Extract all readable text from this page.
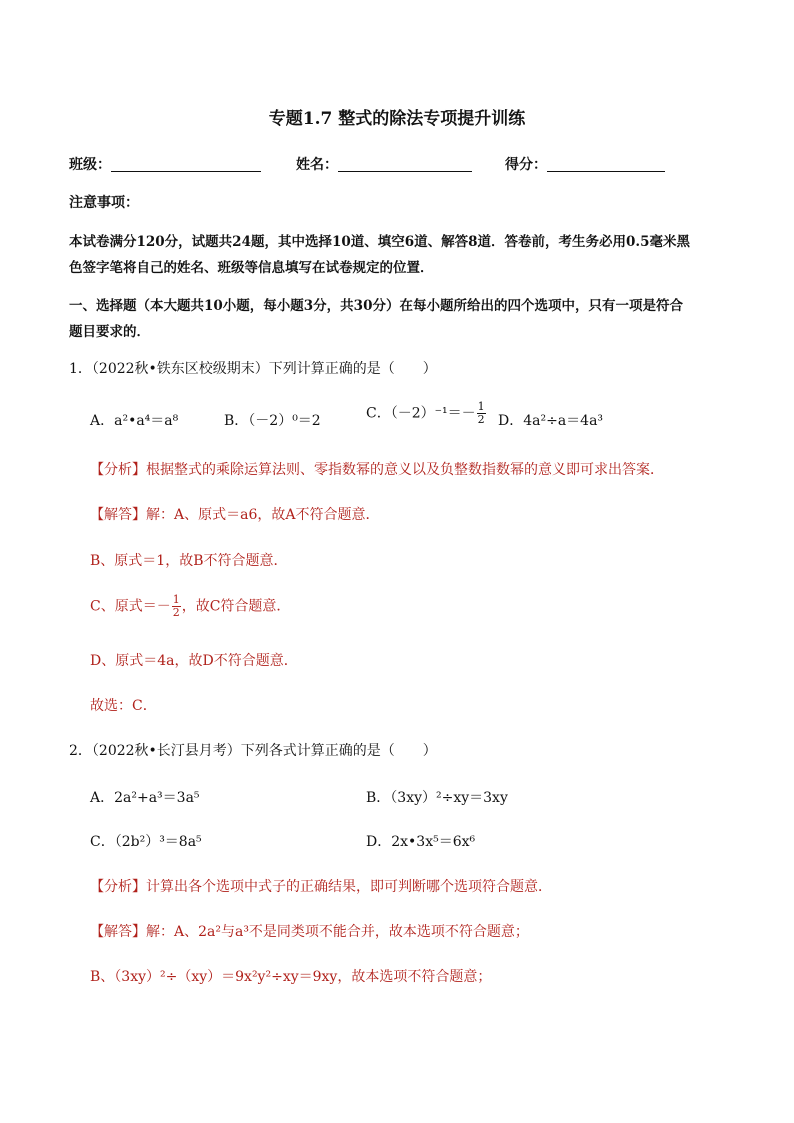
专题1.7 整式的除法专项提升训练
班级：	姓名：	得分：
注意事项：
本试卷满分120分，试题共24题，其中选择10道、填空6道、解答8道．答卷前，考生务必用0.5毫米黑
色签字笔将自己的姓名、班级等信息填写在试卷规定的位置．
一、选择题（本大题共10小题，每小题3分，共30分）在每小题所给出的四个选项中，只有一项是符合
题目要求的．
1．（2022秋•铁东区校级期末）下列计算正确的是（　　）
A．a²•a⁴＝a⁸	B．（－2）⁰＝2	C．$(-2)^{-1}=- \frac{1}{2}$ D．4a²÷a＝4a³
【分析】根据整式的乘除运算法则、零指数幂的意义以及负整数指数幂的意义即可求出答案．
【解答】解：A、原式＝a6，故A不符合题意．
B、原式＝1，故B不符合题意．
C、原式＝－ $\frac{1}{2}$ ，故C符合题意．
D、原式＝4a，故D不符合题意．
故选：C．
2．（2022秋•长汀县月考）下列各式计算正确的是（　　）
A．2a²+a³＝3a⁵	B．（3xy）²÷xy＝3xy
C．（2b²）³＝8a⁵	D．2x•3x⁵＝6x⁶
【分析】计算出各个选项中式子的正确结果，即可判断哪个选项符合题意．
【解答】解：A、2a²与a³不是同类项不能合并，故本选项不符合题意；
B、（3xy）²÷（xy）＝9x²y²÷xy＝9xy，故本选项不符合题意；
